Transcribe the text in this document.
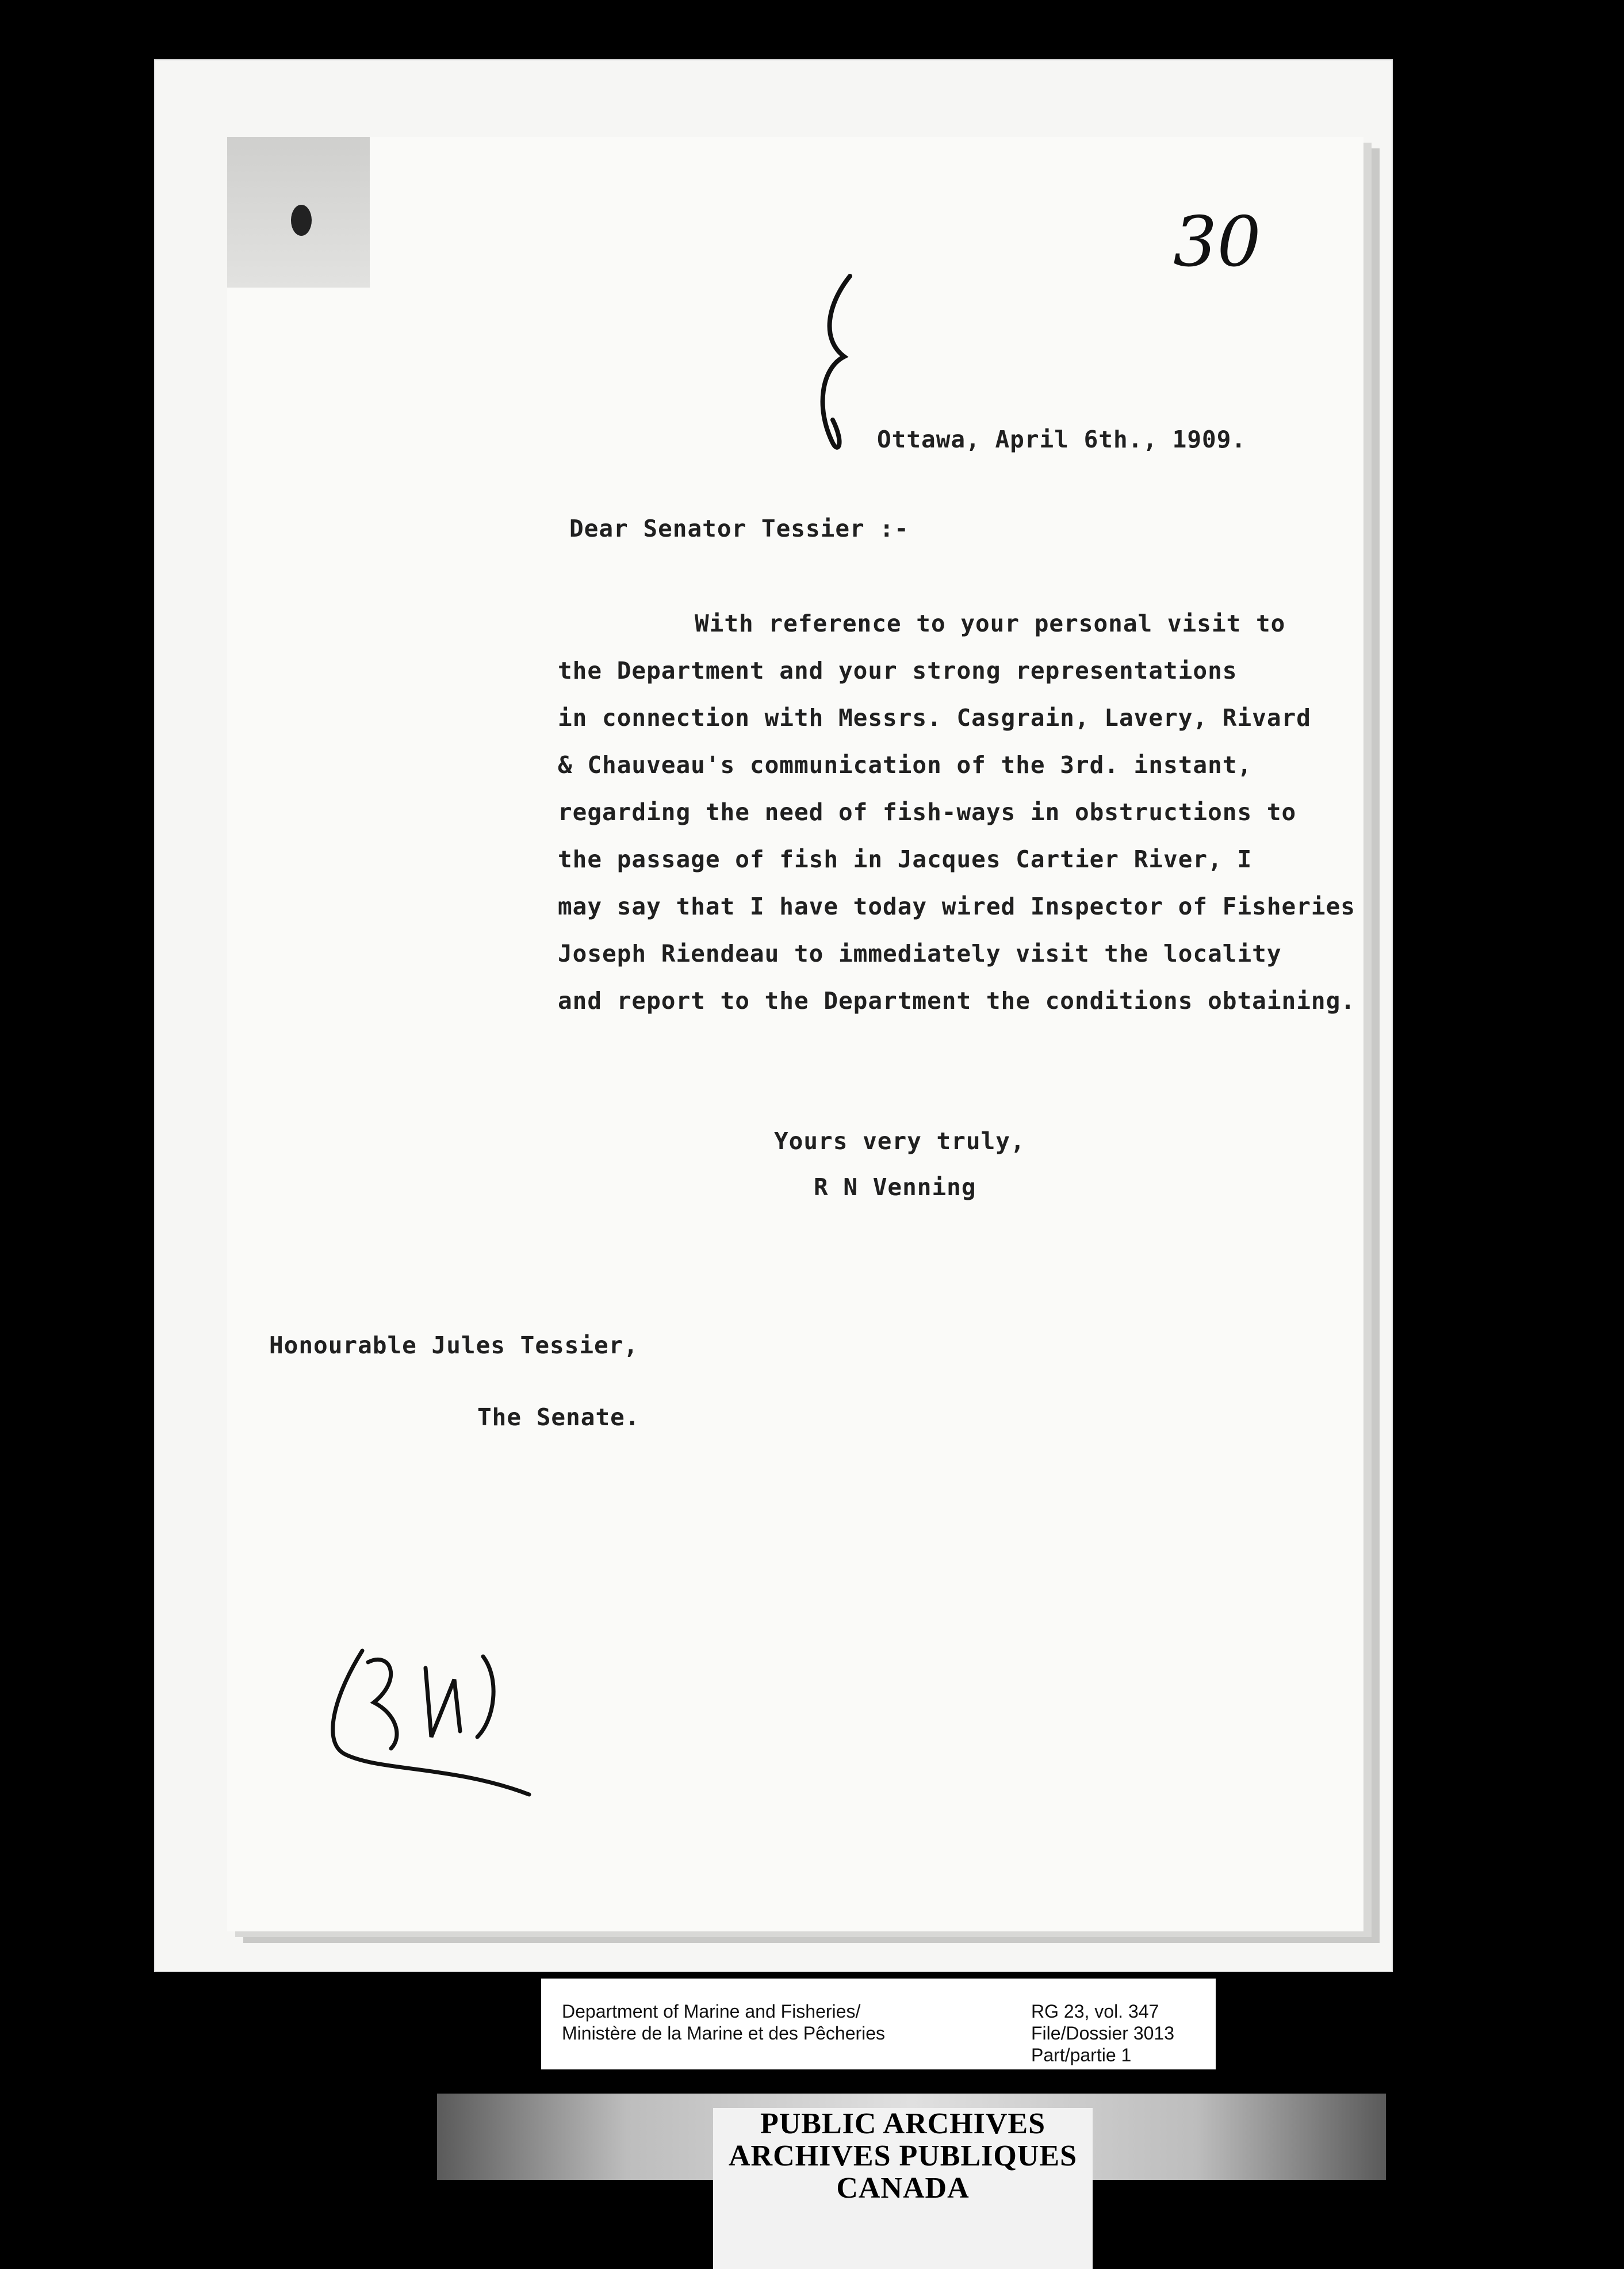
30
Ottawa, April 6th., 1909.
Dear Senator Tessier :-
With reference to your personal visit to
the Department and your strong representations
in connection with Messrs. Casgrain, Lavery, Rivard
& Chauveau's communication of the 3rd. instant,
regarding the need of fish-ways in obstructions to
the passage of fish in Jacques Cartier River, I
may say that I have today wired Inspector of Fisheries
Joseph Riendeau to immediately visit the locality
and report to the Department the conditions obtaining.
Yours very truly,
R N Venning
Honourable Jules Tessier,
The Senate.
Department of Marine and Fisheries/
Ministère de la Marine et des Pêcheries
RG 23, vol. 347
File/Dossier 3013
Part/partie 1
PUBLIC ARCHIVES
ARCHIVES PUBLIQUES
CANADA
